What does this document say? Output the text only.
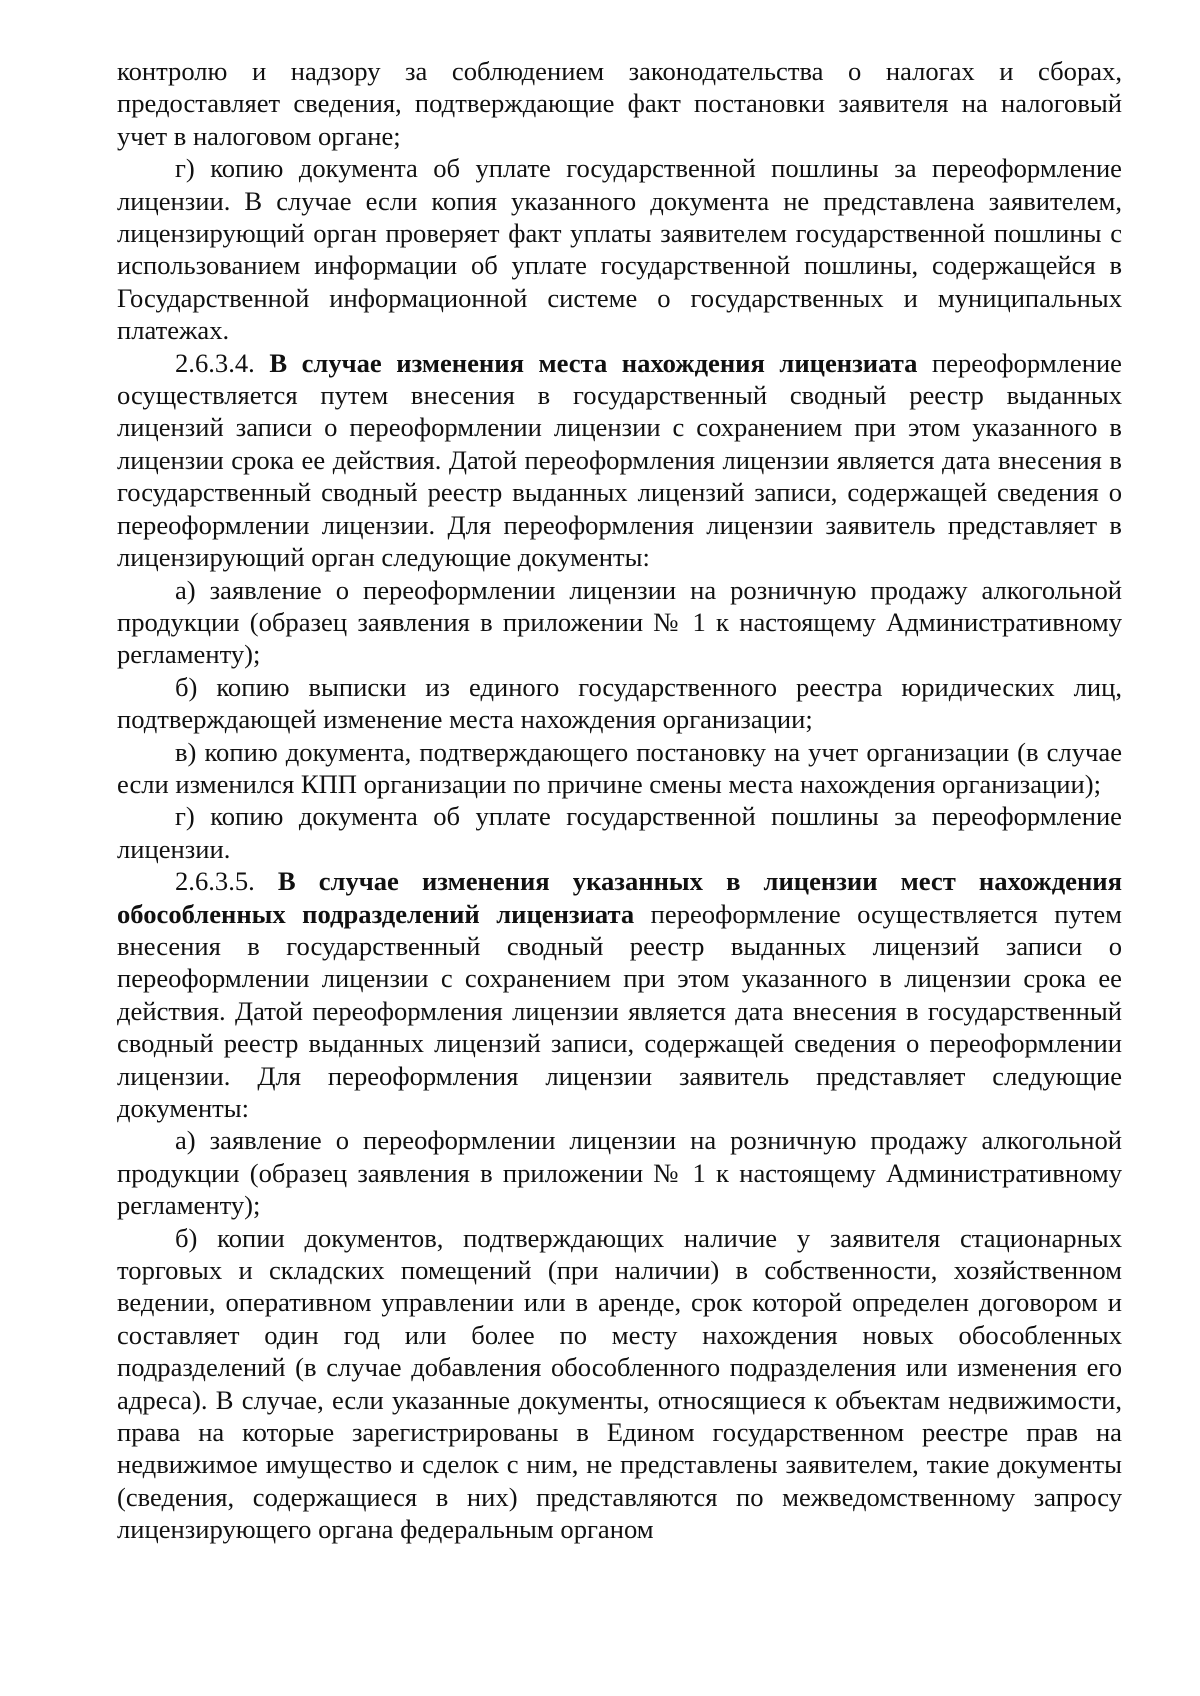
контролю и надзору за соблюдением законодательства о налогах и сборах, предоставляет сведения, подтверждающие факт постановки заявителя на налоговый учет в налоговом органе;

г) копию документа об уплате государственной пошлины за переоформление лицензии. В случае если копия указанного документа не представлена заявителем, лицензирующий орган проверяет факт уплаты заявителем государственной пошлины с использованием информации об уплате государственной пошлины, содержащейся в Государственной информационной системе о государственных и муниципальных платежах.

2.6.3.4. В случае изменения места нахождения лицензиата переоформление осуществляется путем внесения в государственный сводный реестр выданных лицензий записи о переоформлении лицензии с сохранением при этом указанного в лицензии срока ее действия. Датой переоформления лицензии является дата внесения в государственный сводный реестр выданных лицензий записи, содержащей сведения о переоформлении лицензии. Для переоформления лицензии заявитель представляет в лицензирующий орган следующие документы:

а) заявление о переоформлении лицензии на розничную продажу алкогольной продукции (образец заявления в приложении № 1 к настоящему Административному регламенту);

б) копию выписки из единого государственного реестра юридических лиц, подтверждающей изменение места нахождения организации;

в) копию документа, подтверждающего постановку на учет организации (в случае если изменился КПП организации по причине смены места нахождения организации);

г) копию документа об уплате государственной пошлины за переоформление лицензии.

2.6.3.5. В случае изменения указанных в лицензии мест нахождения обособленных подразделений лицензиата переоформление осуществляется путем внесения в государственный сводный реестр выданных лицензий записи о переоформлении лицензии с сохранением при этом указанного в лицензии срока ее действия. Датой переоформления лицензии является дата внесения в государственный сводный реестр выданных лицензий записи, содержащей сведения о переоформлении лицензии. Для переоформления лицензии заявитель представляет следующие документы:

а) заявление о переоформлении лицензии на розничную продажу алкогольной продукции (образец заявления в приложении № 1 к настоящему Административному регламенту);

б) копии документов, подтверждающих наличие у заявителя стационарных торговых и складских помещений (при наличии) в собственности, хозяйственном ведении, оперативном управлении или в аренде, срок которой определен договором и составляет один год или более по месту нахождения новых обособленных подразделений (в случае добавления обособленного подразделения или изменения его адреса). В случае, если указанные документы, относящиеся к объектам недвижимости, права на которые зарегистрированы в Едином государственном реестре прав на недвижимое имущество и сделок с ним, не представлены заявителем, такие документы (сведения, содержащиеся в них) представляются по межведомственному запросу лицензирующего органа федеральным органом
